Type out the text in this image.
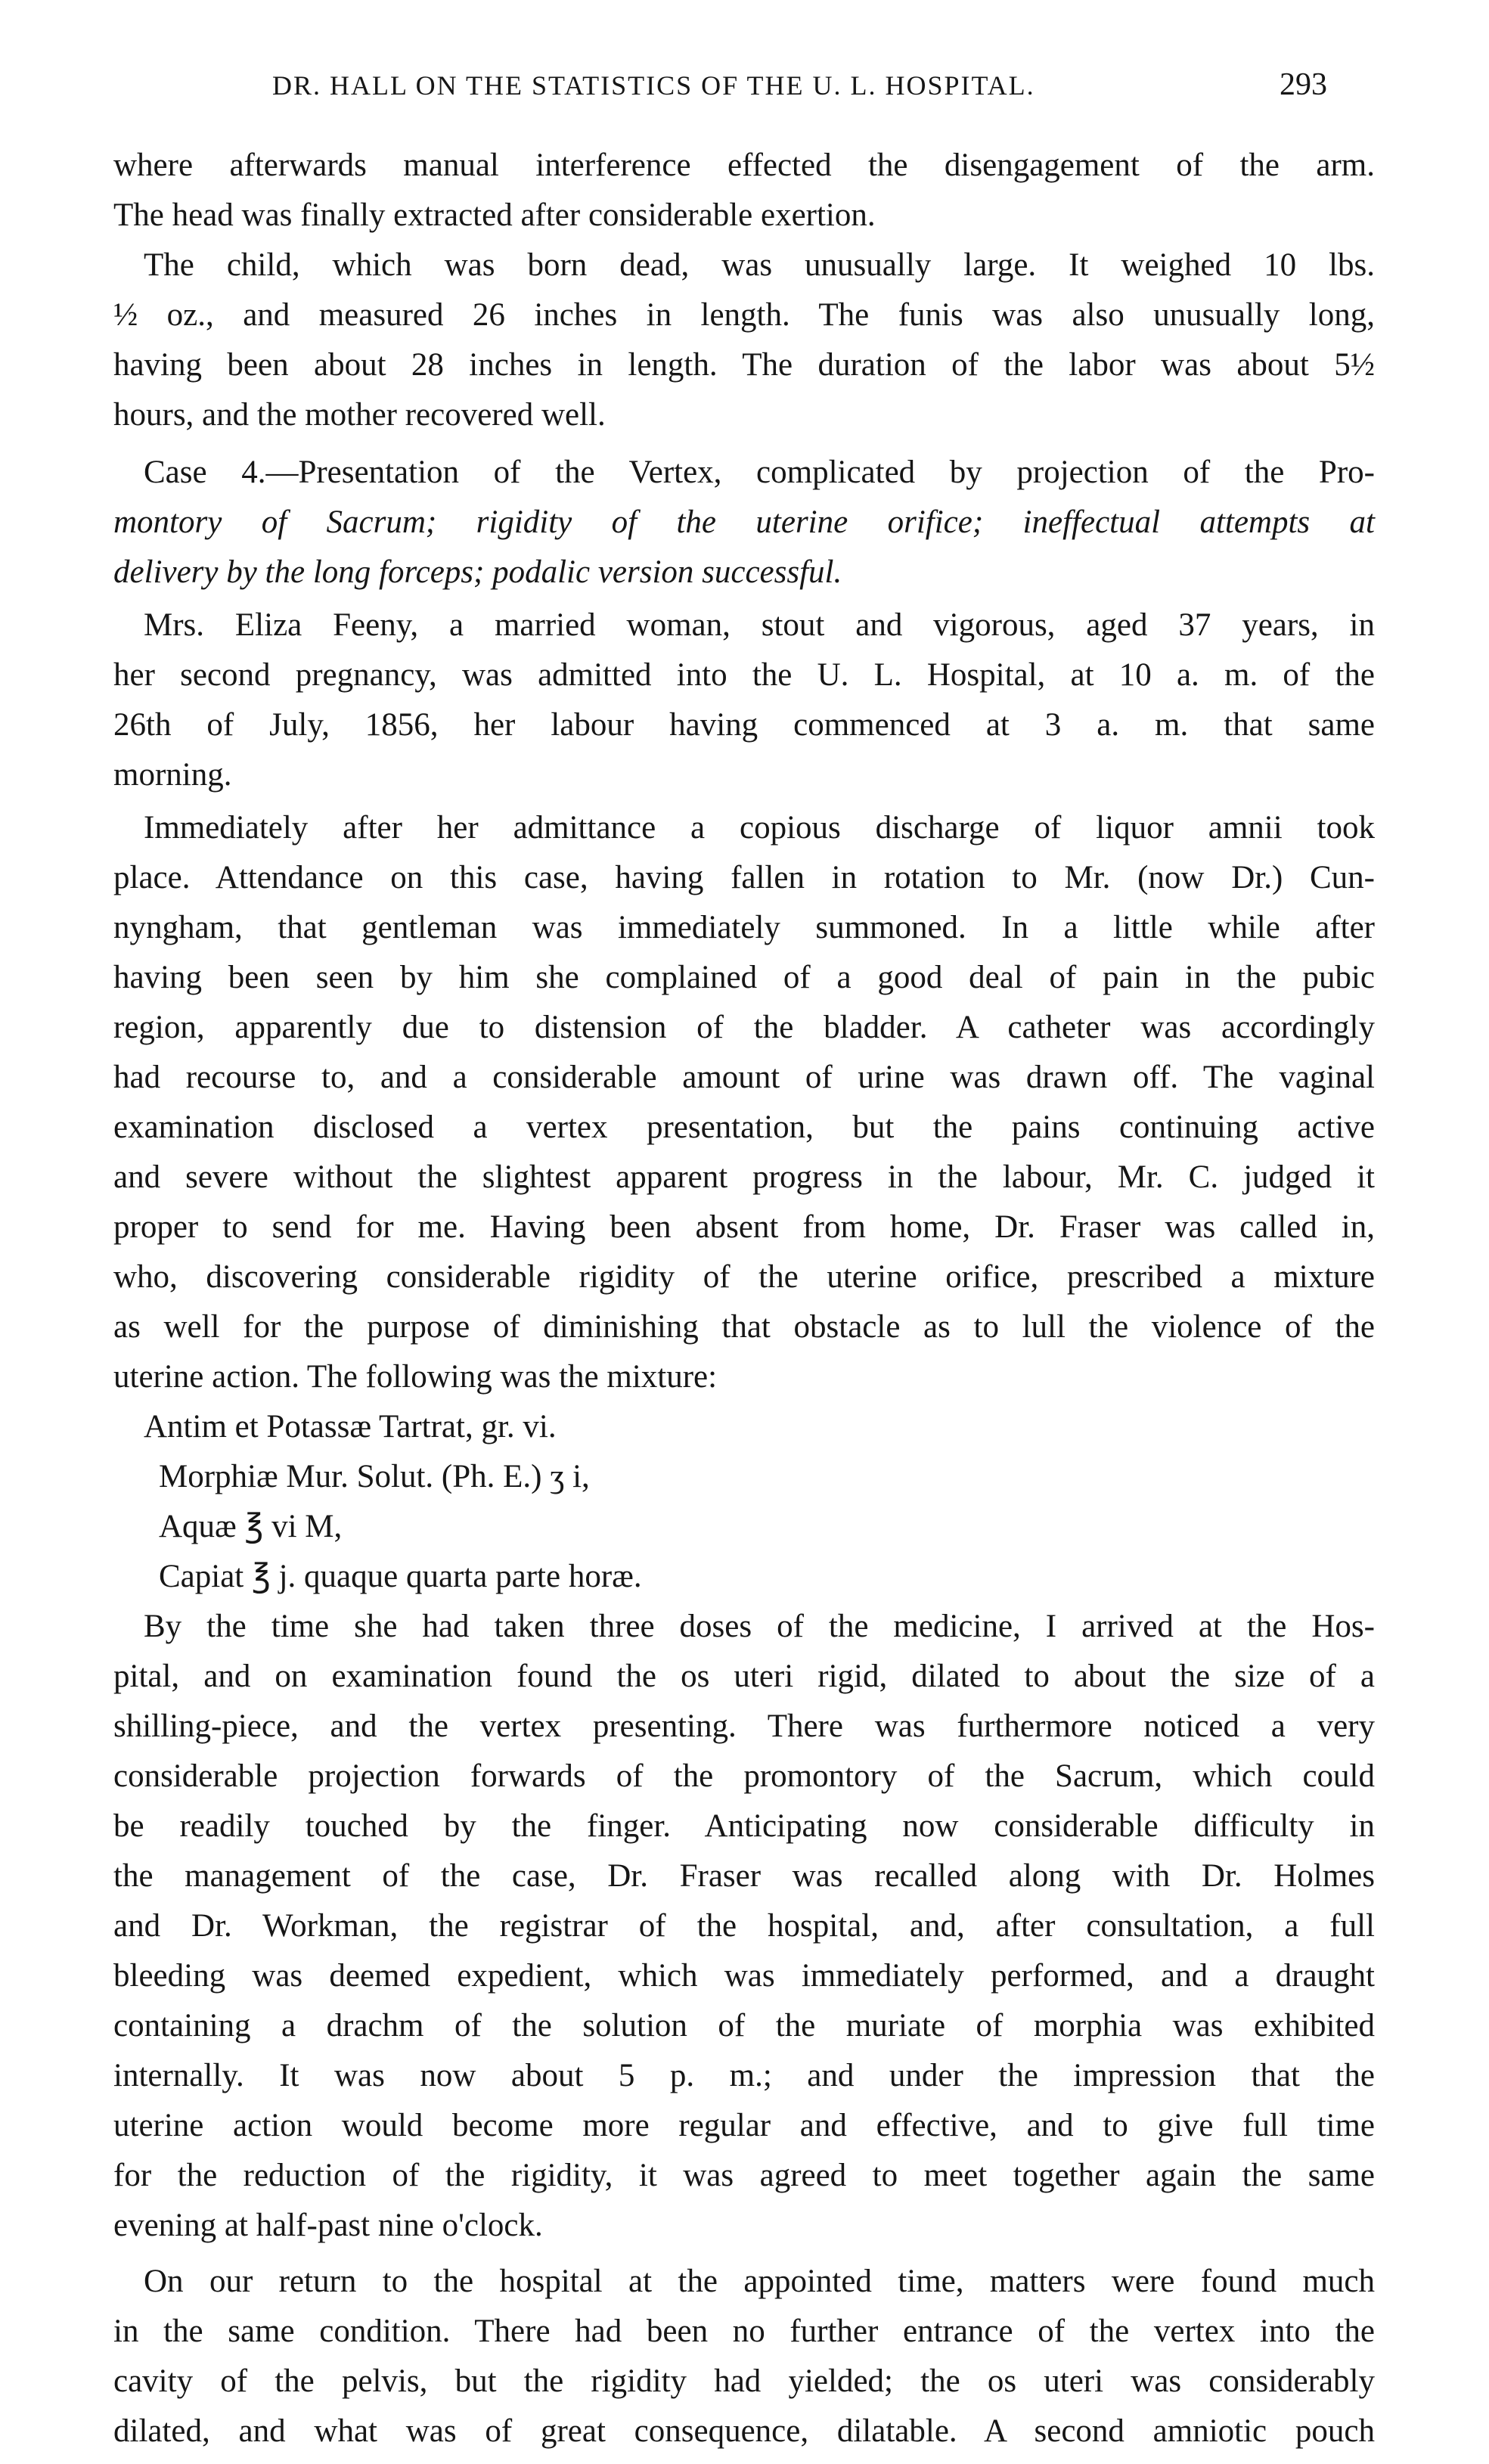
DR. HALL ON THE STATISTICS OF THE U. L. HOSPITAL.	293
where afterwards manual interference effected the disengagement of the arm.
The head was finally extracted after considerable exertion.
The child, which was born dead, was unusually large. It weighed 10 lbs.
½ oz., and measured 26 inches in length. The funis was also unusually long,
having been about 28 inches in length. The duration of the labor was about 5½
hours, and the mother recovered well.
Case 4.—Presentation of the Vertex, complicated by projection of the Pro-
montory of Sacrum; rigidity of the uterine orifice; ineffectual attempts at
delivery by the long forceps; podalic version successful.
Mrs. Eliza Feeny, a married woman, stout and vigorous, aged 37 years, in
her second pregnancy, was admitted into the U. L. Hospital, at 10 a. m. of the
26th of July, 1856, her labour having commenced at 3 a. m. that same
morning.
Immediately after her admittance a copious discharge of liquor amnii took
place. Attendance on this case, having fallen in rotation to Mr. (now Dr.) Cun-
nyngham, that gentleman was immediately summoned. In a little while after
having been seen by him she complained of a good deal of pain in the pubic
region, apparently due to distension of the bladder. A catheter was accordingly
had recourse to, and a considerable amount of urine was drawn off. The vaginal
examination disclosed a vertex presentation, but the pains continuing active
and severe without the slightest apparent progress in the labour, Mr. C. judged it
proper to send for me. Having been absent from home, Dr. Fraser was called in,
who, discovering considerable rigidity of the uterine orifice, prescribed a mixture
as well for the purpose of diminishing that obstacle as to lull the violence of the
uterine action. The following was the mixture:
Antim et Potassæ Tartrat, gr. vi.
Morphiæ Mur. Solut. (Ph. E.) ʒ i,
Aquæ ℥ vi M,
Capiat ℥ j. quaque quarta parte horæ.
By the time she had taken three doses of the medicine, I arrived at the Hos-
pital, and on examination found the os uteri rigid, dilated to about the size of a
shilling-piece, and the vertex presenting. There was furthermore noticed a very
considerable projection forwards of the promontory of the Sacrum, which could
be readily touched by the finger. Anticipating now considerable difficulty in
the management of the case, Dr. Fraser was recalled along with Dr. Holmes
and Dr. Workman, the registrar of the hospital, and, after consultation, a full
bleeding was deemed expedient, which was immediately performed, and a draught
containing a drachm of the solution of the muriate of morphia was exhibited
internally. It was now about 5 p. m.; and under the impression that the
uterine action would become more regular and effective, and to give full time
for the reduction of the rigidity, it was agreed to meet together again the same
evening at half-past nine o'clock.
On our return to the hospital at the appointed time, matters were found much
in the same condition. There had been no further entrance of the vertex into the
cavity of the pelvis, but the rigidity had yielded; the os uteri was considerably
dilated, and what was of great consequence, dilatable. A second amniotic pouch
